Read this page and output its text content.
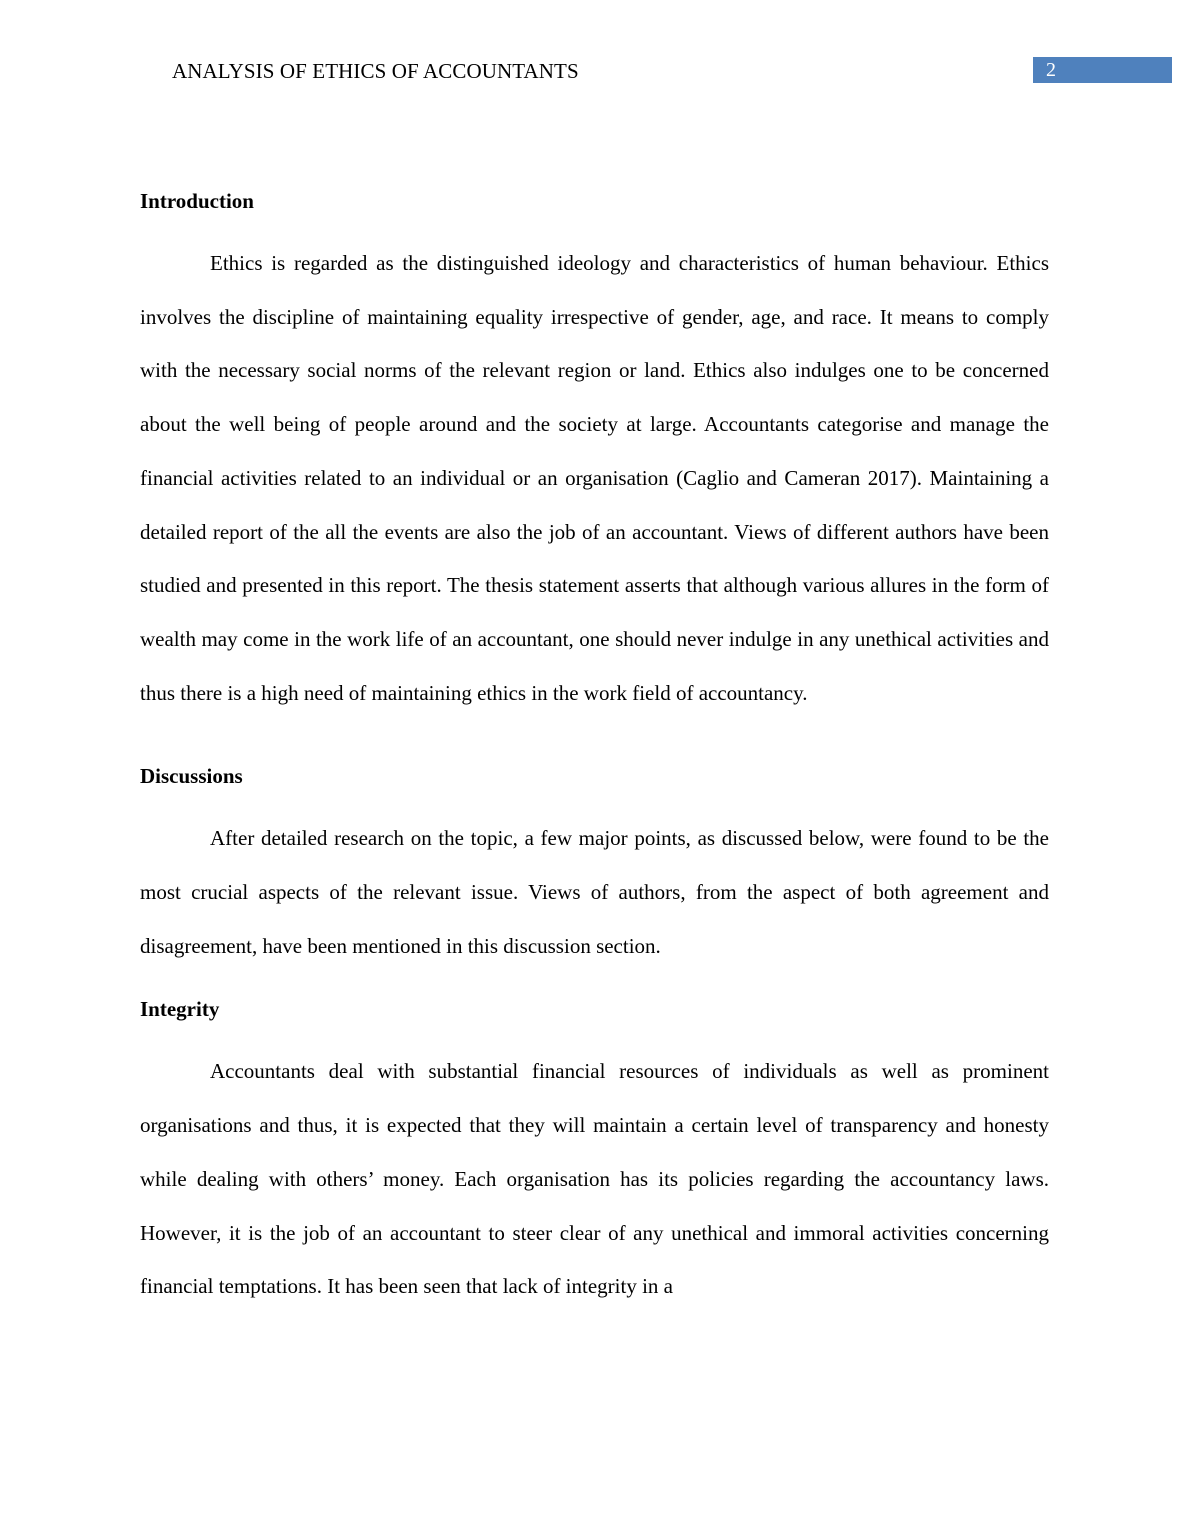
ANALYSIS OF ETHICS OF ACCOUNTANTS	2
Introduction

Ethics is regarded as the distinguished ideology and characteristics of human behaviour. Ethics involves the discipline of maintaining equality irrespective of gender, age, and race. It means to comply with the necessary social norms of the relevant region or land. Ethics also indulges one to be concerned about the well being of people around and the society at large. Accountants categorise and manage the financial activities related to an individual or an organisation (Caglio and Cameran 2017). Maintaining a detailed report of the all the events are also the job of an accountant. Views of different authors have been studied and presented in this report. The thesis statement asserts that although various allures in the form of wealth may come in the work life of an accountant, one should never indulge in any unethical activities and thus there is a high need of maintaining ethics in the work field of accountancy.

Discussions

After detailed research on the topic, a few major points, as discussed below, were found to be the most crucial aspects of the relevant issue. Views of authors, from the aspect of both agreement and disagreement, have been mentioned in this discussion section.

Integrity

Accountants deal with substantial financial resources of individuals as well as prominent organisations and thus, it is expected that they will maintain a certain level of transparency and honesty while dealing with others’ money. Each organisation has its policies regarding the accountancy laws. However, it is the job of an accountant to steer clear of any unethical and immoral activities concerning financial temptations. It has been seen that lack of integrity in a
